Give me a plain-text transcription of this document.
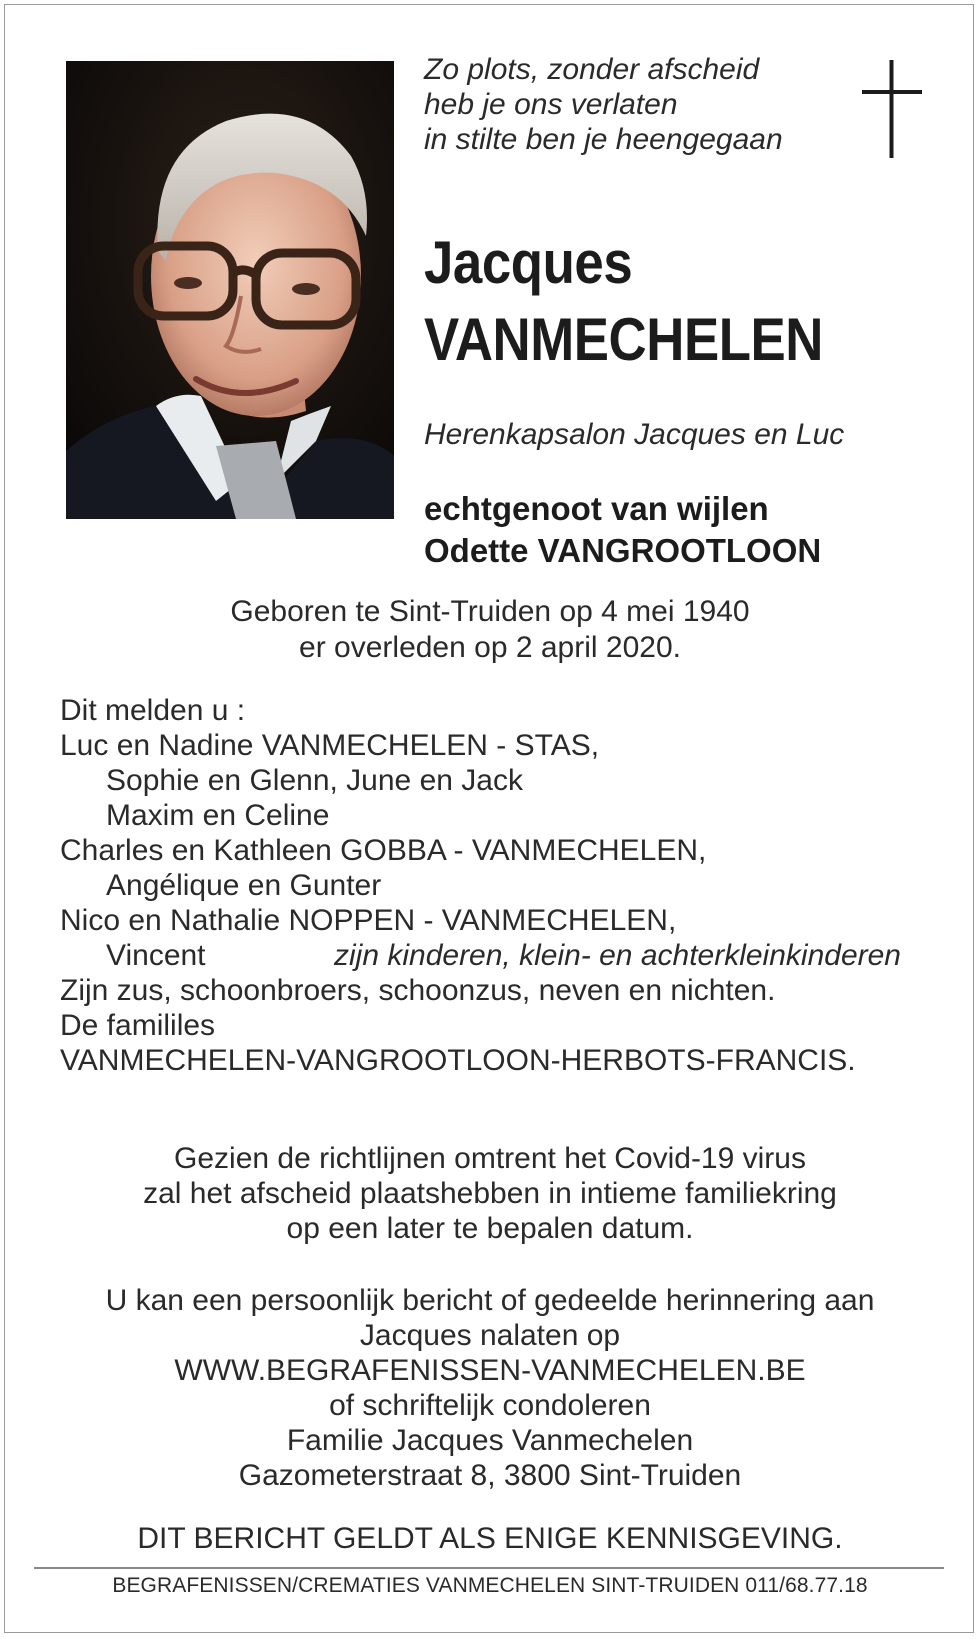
Zo plots, zonder afscheid
heb je ons verlaten
in stilte ben je heengegaan
Jacques
VANMECHELEN
Herenkapsalon Jacques en Luc
echtgenoot van wijlen
Odette VANGROOTLOON
Geboren te Sint-Truiden op 4 mei 1940
er overleden op 2 april 2020.
Dit melden u :
Luc en Nadine VANMECHELEN - STAS,
Sophie en Glenn, June en Jack
Maxim en Celine
Charles en Kathleen GOBBA - VANMECHELEN,
Angélique en Gunter
Nico en Nathalie NOPPEN - VANMECHELEN,
Vincent	zijn kinderen, klein- en achterkleinkinderen
Zijn zus, schoonbroers, schoonzus, neven en nichten.
De famililes
VANMECHELEN-VANGROOTLOON-HERBOTS-FRANCIS.
Gezien de richtlijnen omtrent het Covid-19 virus
zal het afscheid plaatshebben in intieme familiekring
op een later te bepalen datum.
U kan een persoonlijk bericht of gedeelde herinnering aan
Jacques nalaten op
WWW.BEGRAFENISSEN-VANMECHELEN.BE
of schriftelijk condoleren
Familie Jacques Vanmechelen
Gazometerstraat 8, 3800 Sint-Truiden
DIT BERICHT GELDT ALS ENIGE KENNISGEVING.
BEGRAFENISSEN/CREMATIES VANMECHELEN SINT-TRUIDEN 011/68.77.18
